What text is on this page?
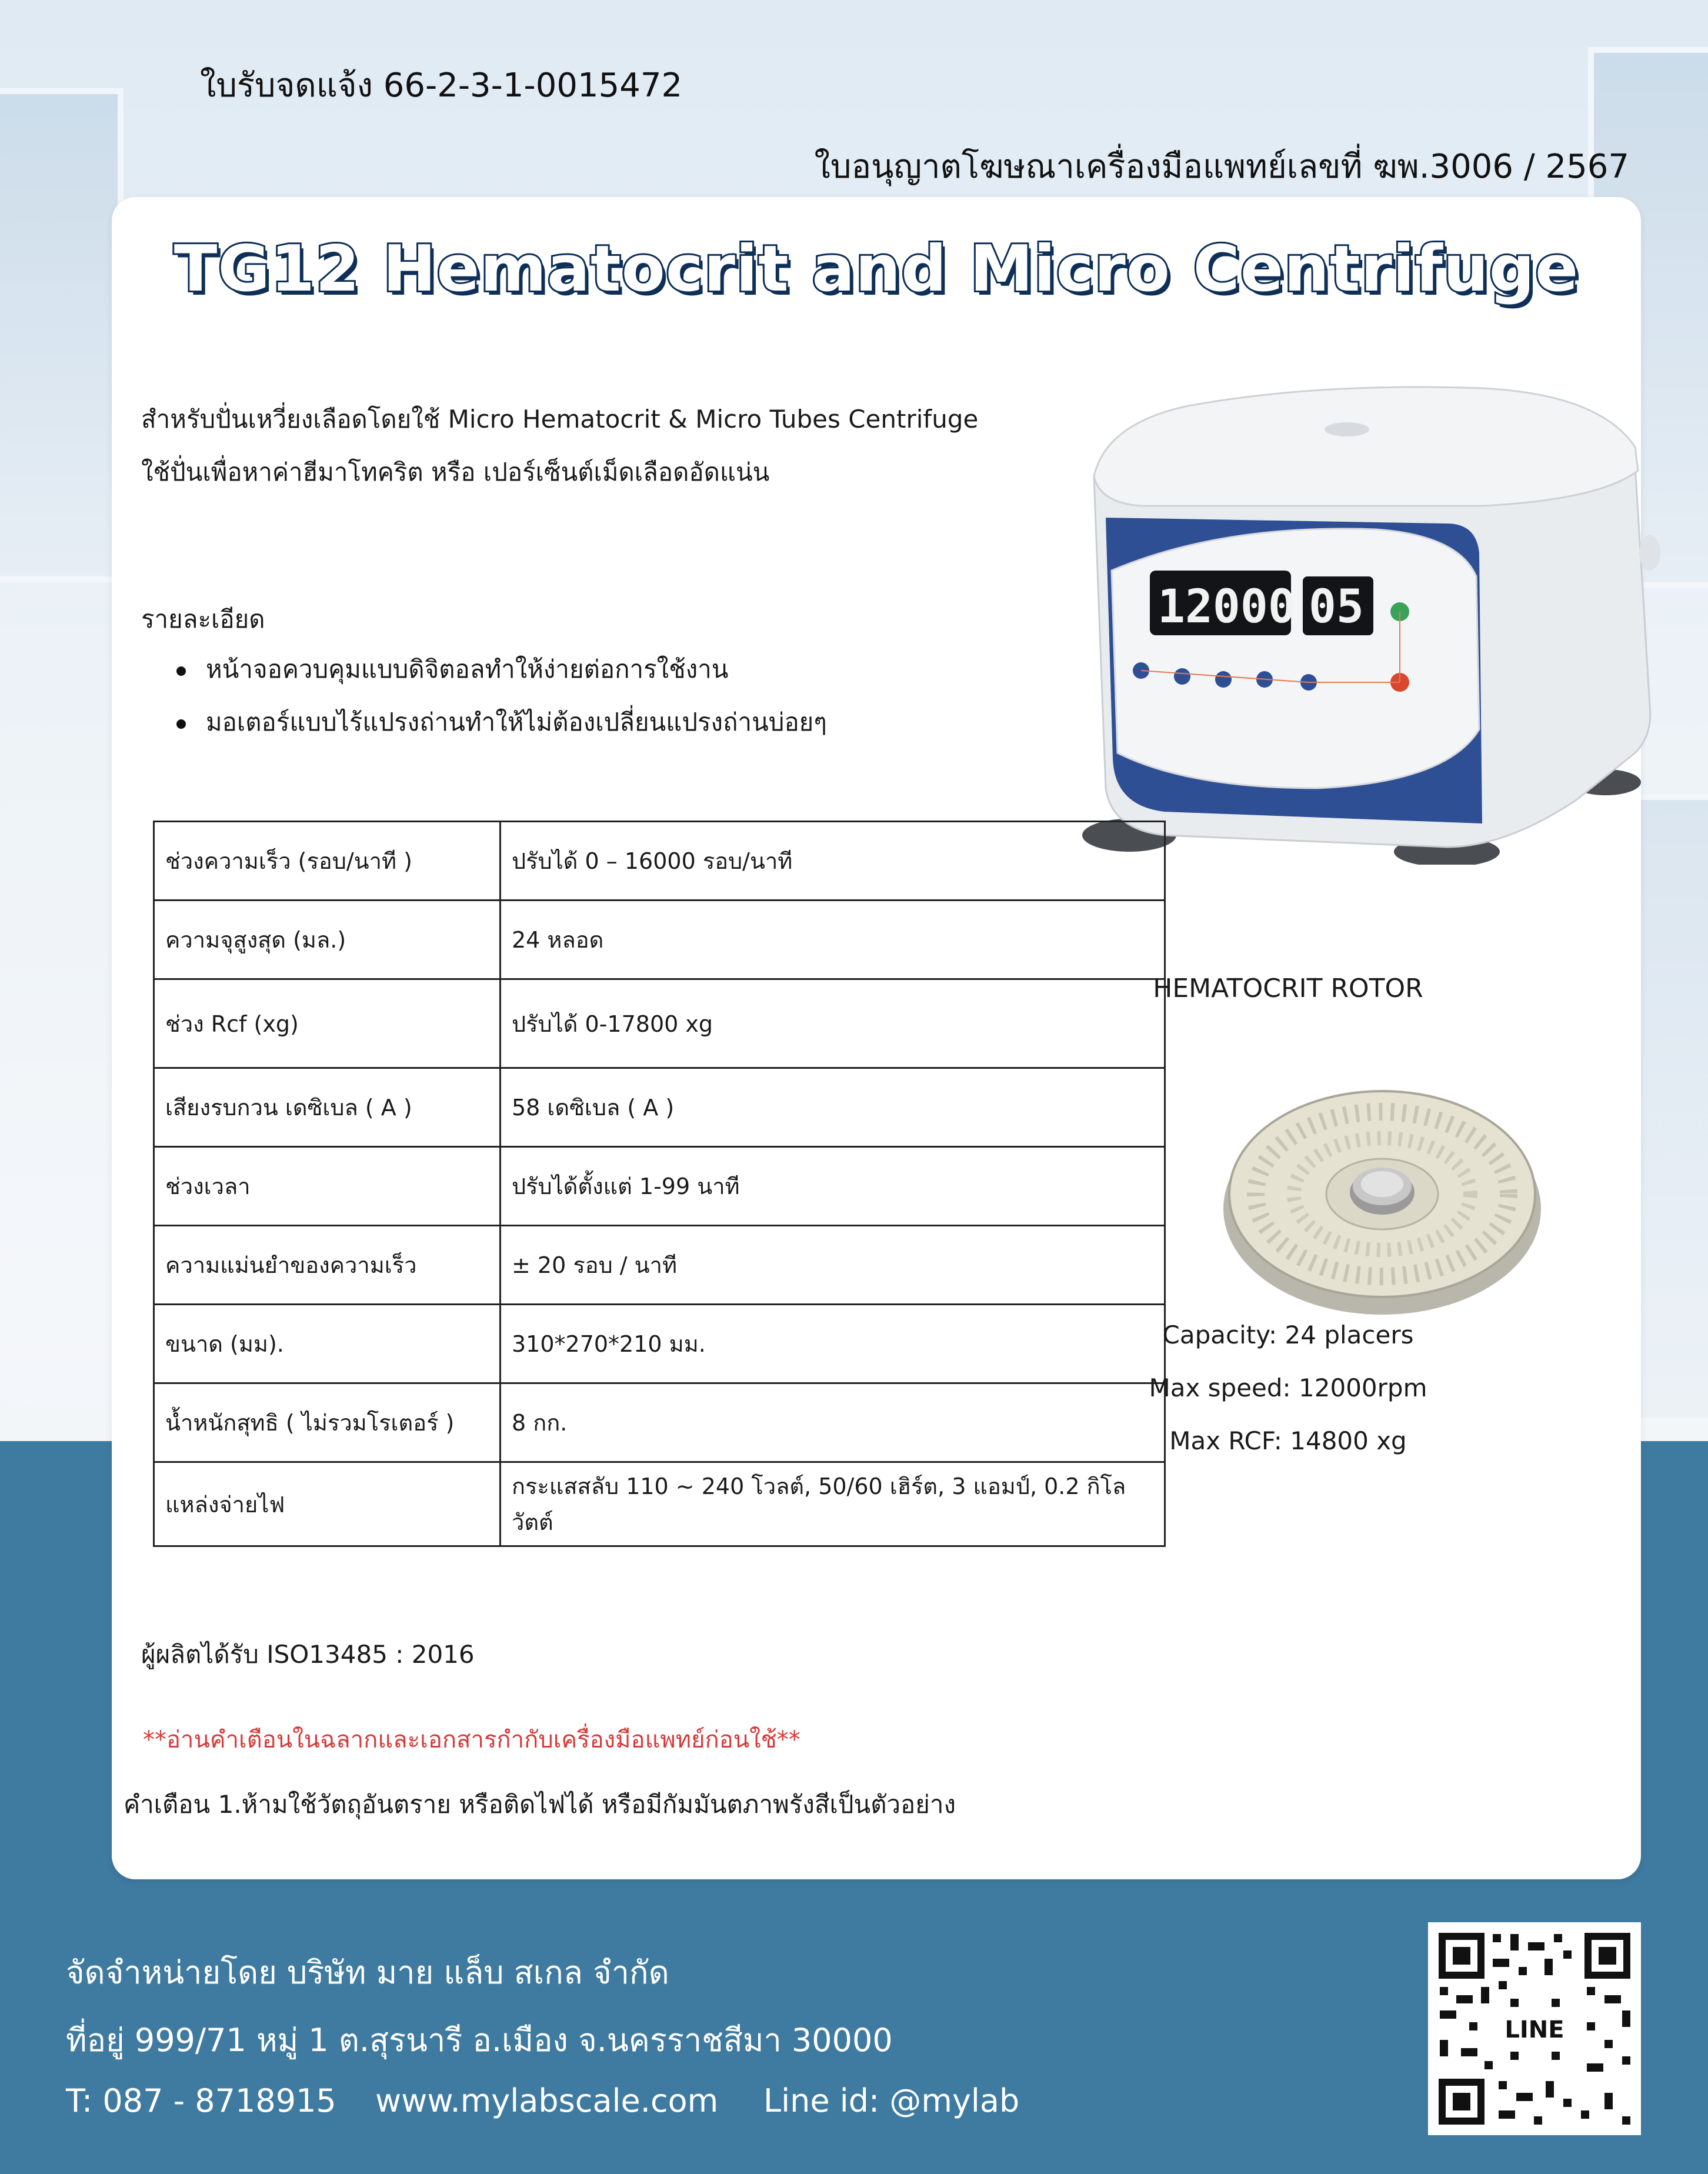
ใบรับจดแจ้ง 66-2-3-1-0015472
ใบอนุญาตโฆษณาเครื่องมือแพทย์เลขที่ ฆพ.3006 / 2567
TG12 Hematocrit and Micro Centrifuge
สำหรับปั่นเหวี่ยงเลือดโดยใช้ Micro Hematocrit & Micro Tubes Centrifuge
ใช้ปั่นเพื่อหาค่าฮีมาโทคริต หรือ เปอร์เซ็นต์เม็ดเลือดอัดแน่น
รายละเอียด
หน้าจอควบคุมแบบดิจิตอลทำให้ง่ายต่อการใช้งาน
มอเตอร์แบบไร้แปรงถ่านทำให้ไม่ต้องเปลี่ยนแปรงถ่านบ่อยๆ
12000 05
ช่วงความเร็ว (รอบ/นาที )	ปรับได้ 0 – 16000 รอบ/นาที
ความจุสูงสุด (มล.)	24 หลอด
ช่วง Rcf (xg)	ปรับได้ 0-17800 xg
เสียงรบกวน เดซิเบล ( A )	58 เดซิเบล ( A )
ช่วงเวลา	ปรับได้ตั้งแต่ 1-99 นาที
ความแม่นยำของความเร็ว	± 20 รอบ / นาที
ขนาด (มม).	310*270*210 มม.
น้ำหนักสุทธิ ( ไม่รวมโรเตอร์ )	8 กก.
แหล่งจ่ายไฟ	กระแสสลับ 110 ~ 240 โวลต์, 50/60 เฮิร์ต, 3 แอมป์, 0.2 กิโลวัตต์
HEMATOCRIT ROTOR
Capacity: 24 placers
Max speed: 12000rpm
Max RCF: 14800 xg
ผู้ผลิตได้รับ ISO13485 : 2016
**อ่านคำเตือนในฉลากและเอกสารกำกับเครื่องมือแพทย์ก่อนใช้**
คำเตือน 1.ห้ามใช้วัตถุอันตราย หรือติดไฟได้ หรือมีกัมมันตภาพรังสีเป็นตัวอย่าง
จัดจำหน่ายโดย บริษัท มาย แล็บ สเกล จำกัด
ที่อยู่ 999/71 หมู่ 1 ต.สุรนารี อ.เมือง จ.นครราชสีมา 30000
T: 087 - 8718915 www.mylabscale.com Line id: @mylab
LINE
